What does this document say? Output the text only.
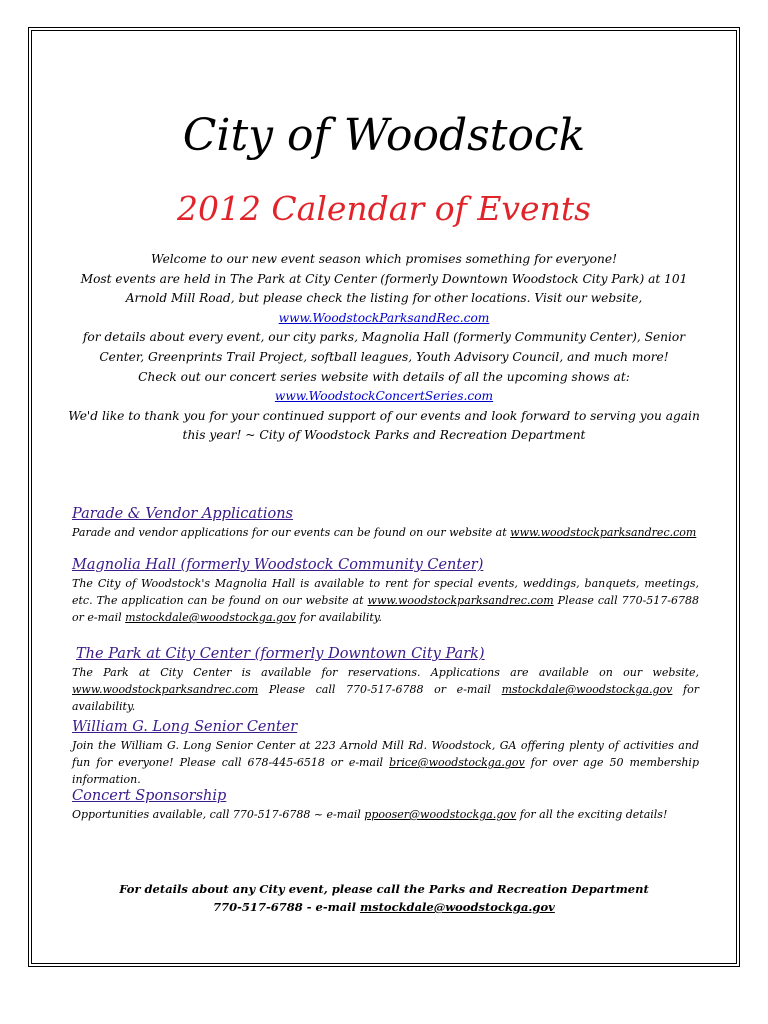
City of Woodstock
2012 Calendar of Events
Welcome to our new event season which promises something for everyone!
Most events are held in The Park at City Center (formerly Downtown Woodstock City Park) at 101 Arnold Mill Road, but please check the listing for other locations. Visit our website,
www.WoodstockParksandRec.com
for details about every event, our city parks, Magnolia Hall (formerly Community Center), Senior Center, Greenprints Trail Project, softball leagues, Youth Advisory Council, and much more!
Check out our concert series website with details of all the upcoming shows at:
www.WoodstockConcertSeries.com
We'd like to thank you for your continued support of our events and look forward to serving you again this year! ~ City of Woodstock Parks and Recreation Department
Parade & Vendor Applications
Parade and vendor applications for our events can be found on our website at www.woodstockparksandrec.com
Magnolia Hall (formerly Woodstock Community Center)
The City of Woodstock's Magnolia Hall is available to rent for special events, weddings, banquets, meetings, etc. The application can be found on our website at www.woodstockparksandrec.com Please call 770-517-6788 or e-mail mstockdale@woodstockga.gov for availability.
The Park at City Center (formerly Downtown City Park)
The Park at City Center is available for reservations. Applications are available on our website, www.woodstockparksandrec.com Please call 770-517-6788 or e-mail mstockdale@woodstockga.gov for availability.
William G. Long Senior Center
Join the William G. Long Senior Center at 223 Arnold Mill Rd. Woodstock, GA offering plenty of activities and fun for everyone! Please call 678-445-6518 or e-mail brice@woodstockga.gov for over age 50 membership information.
Concert Sponsorship
Opportunities available, call 770-517-6788 ~ e-mail ppooser@woodstockga.gov for all the exciting details!
For details about any City event, please call the Parks and Recreation Department
770-517-6788 - e-mail mstockdale@woodstockga.gov
